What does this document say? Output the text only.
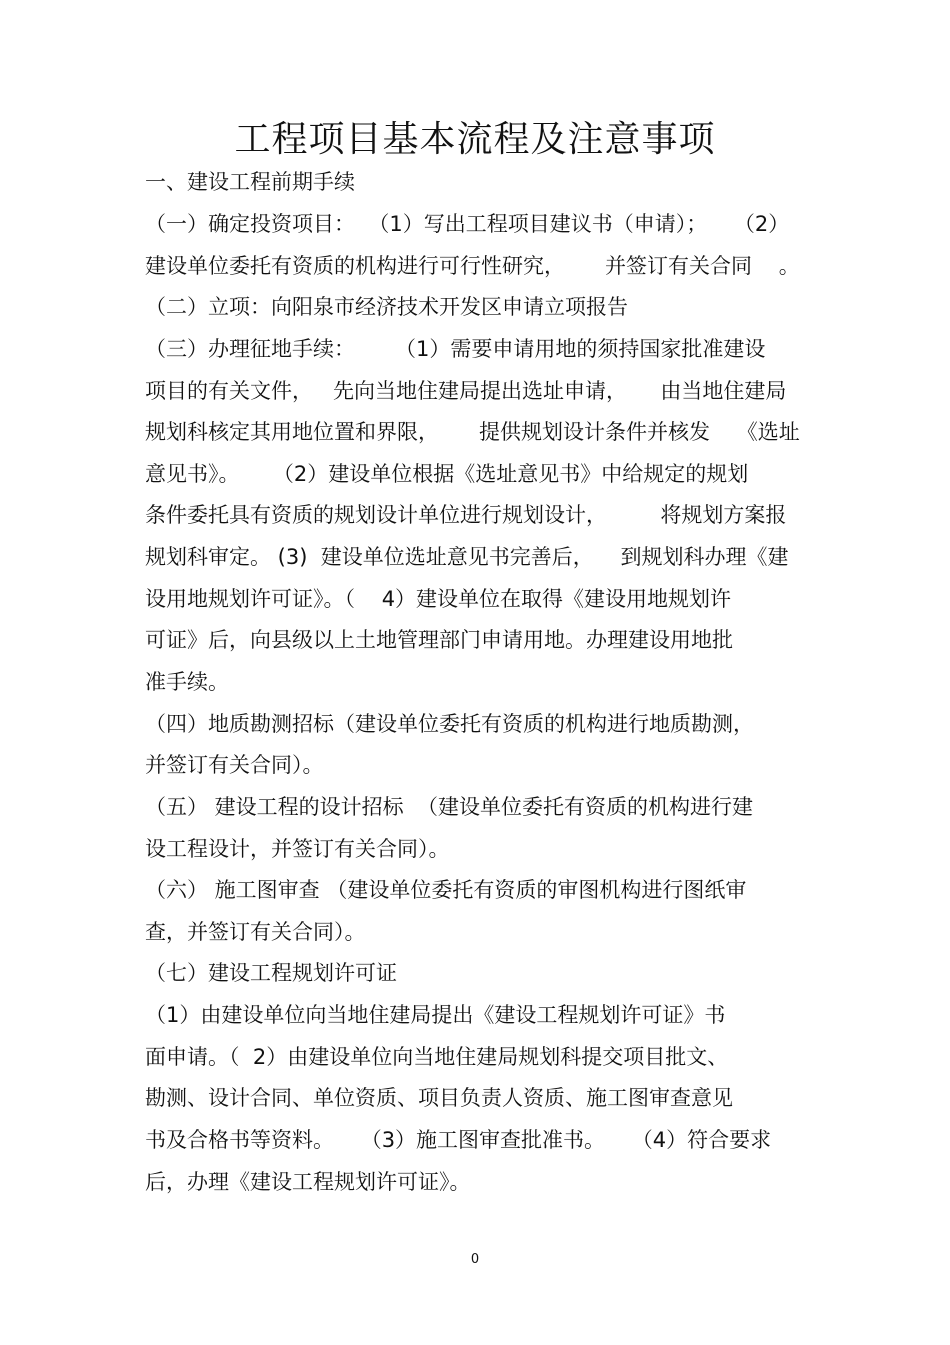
工程项目基本流程及注意事项
一、建设工程前期手续
（一）确定投资项目：  （1）写出工程项目建议书（申请）；    （2）
建设单位委托有资质的机构进行可行性研究，      并签订有关合同    。
（二）立项：向阳泉市经济技术开发区申请立项报告
（三）办理征地手续：      （1）需要申请用地的须持国家批准建设
项目的有关文件，   先向当地住建局提出选址申请，     由当地住建局
规划科核定其用地位置和界限，      提供规划设计条件并核发    《选址
意见书》。     （2）建设单位根据《选址意见书》中给规定的规划
条件委托具有资质的规划设计单位进行规划设计，        将规划方案报
规划科审定。 (3)  建设单位选址意见书完善后，    到规划科办理《建
设用地规划许可证》。（    4）建设单位在取得《建设用地规划许
可证》后，向县级以上土地管理部门申请用地。办理建设用地批
准手续。
（四）地质勘测招标（建设单位委托有资质的机构进行地质勘测，
并签订有关合同）。
（五） 建设工程的设计招标  （建设单位委托有资质的机构进行建
设工程设计，并签订有关合同）。
（六） 施工图审查 （建设单位委托有资质的审图机构进行图纸审
查，并签订有关合同）。
（七）建设工程规划许可证
（1）由建设单位向当地住建局提出《建设工程规划许可证》书
面申请。（  2）由建设单位向当地住建局规划科提交项目批文、
勘测、设计合同、单位资质、项目负责人资质、施工图审查意见
书及合格书等资料。    （3）施工图审查批准书。    （4）符合要求
后，办理《建设工程规划许可证》。
0
